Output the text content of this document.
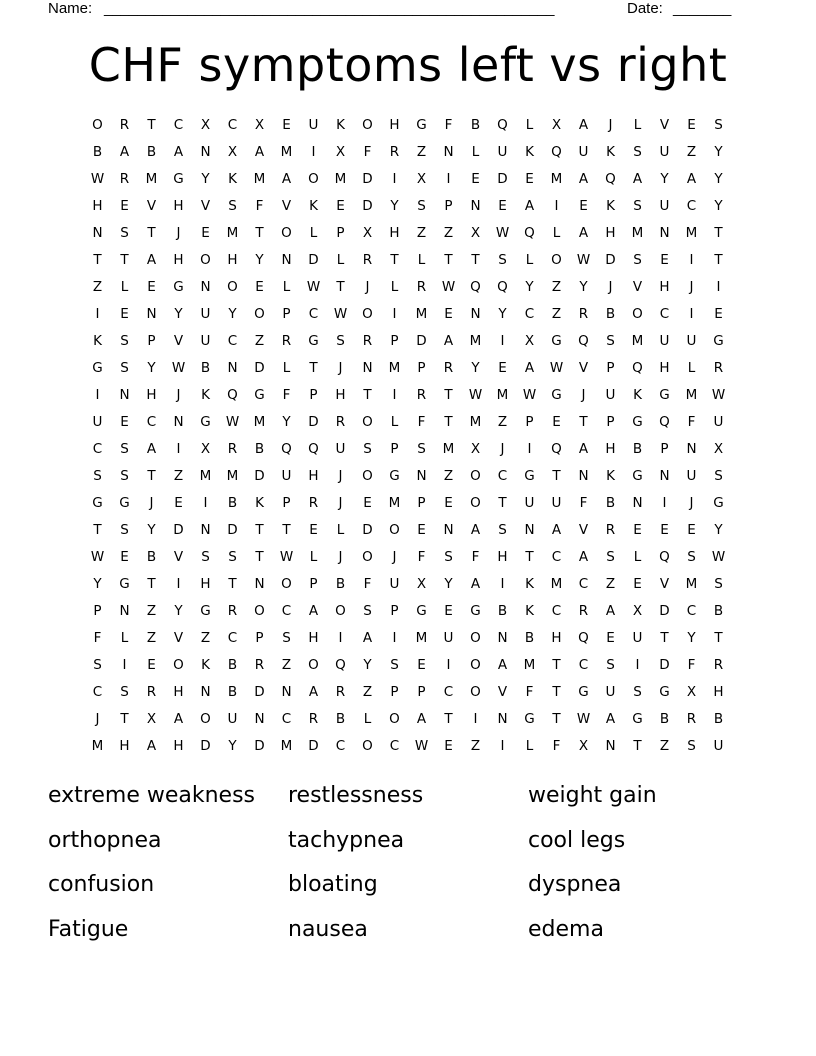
Name: ______________________________________________________	Date: _______
CHF symptoms left vs right
O	R	T	C	X	C	X	E	U	K	O	H	G	F	B	Q	L	X	A	J	L	V	E	S
B	A	B	A	N	X	A	M	I	X	F	R	Z	N	L	U	K	Q	U	K	S	U	Z	Y
W	R	M	G	Y	K	M	A	O	M	D	I	X	I	E	D	E	M	A	Q	A	Y	A	Y
H	E	V	H	V	S	F	V	K	E	D	Y	S	P	N	E	A	I	E	K	S	U	C	Y
N	S	T	J	E	M	T	O	L	P	X	H	Z	Z	X	W	Q	L	A	H	M	N	M	T
T	T	A	H	O	H	Y	N	D	L	R	T	L	T	T	S	L	O	W	D	S	E	I	T
Z	L	E	G	N	O	E	L	W	T	J	L	R	W	Q	Q	Y	Z	Y	J	V	H	J	I
I	E	N	Y	U	Y	O	P	C	W	O	I	M	E	N	Y	C	Z	R	B	O	C	I	E
K	S	P	V	U	C	Z	R	G	S	R	P	D	A	M	I	X	G	Q	S	M	U	U	G
G	S	Y	W	B	N	D	L	T	J	N	M	P	R	Y	E	A	W	V	P	Q	H	L	R
I	N	H	J	K	Q	G	F	P	H	T	I	R	T	W	M	W	G	J	U	K	G	M	W
U	E	C	N	G	W	M	Y	D	R	O	L	F	T	M	Z	P	E	T	P	G	Q	F	U
C	S	A	I	X	R	B	Q	Q	U	S	P	S	M	X	J	I	Q	A	H	B	P	N	X
S	S	T	Z	M	M	D	U	H	J	O	G	N	Z	O	C	G	T	N	K	G	N	U	S
G	G	J	E	I	B	K	P	R	J	E	M	P	E	O	T	U	U	F	B	N	I	J	G
T	S	Y	D	N	D	T	T	E	L	D	O	E	N	A	S	N	A	V	R	E	E	E	Y
W	E	B	V	S	S	T	W	L	J	O	J	F	S	F	H	T	C	A	S	L	Q	S	W
Y	G	T	I	H	T	N	O	P	B	F	U	X	Y	A	I	K	M	C	Z	E	V	M	S
P	N	Z	Y	G	R	O	C	A	O	S	P	G	E	G	B	K	C	R	A	X	D	C	B
F	L	Z	V	Z	C	P	S	H	I	A	I	M	U	O	N	B	H	Q	E	U	T	Y	T
S	I	E	O	K	B	R	Z	O	Q	Y	S	E	I	O	A	M	T	C	S	I	D	F	R
C	S	R	H	N	B	D	N	A	R	Z	P	P	C	O	V	F	T	G	U	S	G	X	H
J	T	X	A	O	U	N	C	R	B	L	O	A	T	I	N	G	T	W	A	G	B	R	B
M	H	A	H	D	Y	D	M	D	C	O	C	W	E	Z	I	L	F	X	N	T	Z	S	U
extreme weakness	restlessness	weight gain
orthopnea	tachypnea	cool legs
confusion	bloating	dyspnea
Fatigue	nausea	edema
